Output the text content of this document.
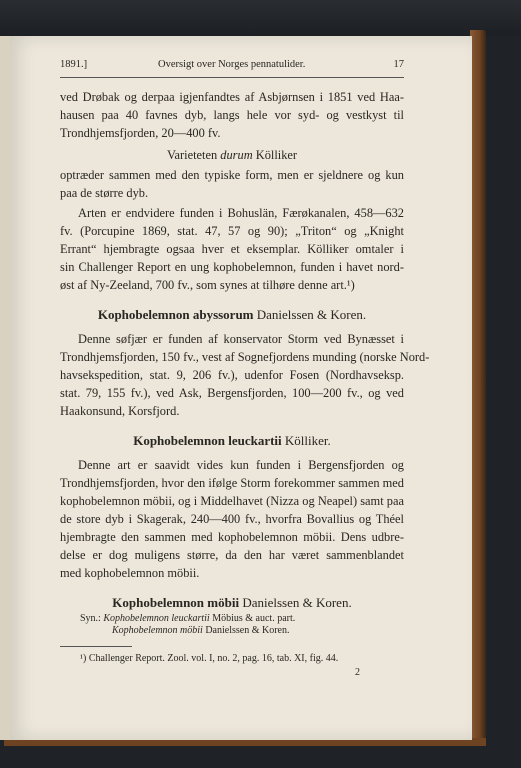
1891.]	Oversigt over Norges pennatulider.	17
ved Drøbak og derpaa igjenfandtes af Asbjørnsen i 1851 ved Haa-
hausen paa 40 favnes dyb, langs hele vor syd- og vestkyst til
Trondhjemsfjorden, 20—400 fv.
Varieteten durum Kölliker
optræder sammen med den typiske form, men er sjeldnere og kun
paa de større dyb.
Arten er endvidere funden i Bohuslän, Færøkanalen, 458—632
fv. (Porcupine 1869, stat. 47, 57 og 90); „Triton“ og „Knight
Errant“ hjembragte ogsaa hver et eksemplar. Kölliker omtaler i
sin Challenger Report en ung kophobelemnon, funden i havet nord-
øst af Ny-Zeeland, 700 fv., som synes at tilhøre denne art.¹)
Kophobelemnon abyssorum Danielssen & Koren.
Denne søfjær er funden af konservator Storm ved Bynæsset i
Trondhjemsfjorden, 150 fv., vest af Sognefjordens munding (norske Nord-
havsekspedition, stat. 9, 206 fv.), udenfor Fosen (Nordhavseksp.
stat. 79, 155 fv.), ved Ask, Bergensfjorden, 100—200 fv., og ved
Haakonsund, Korsfjord.
Kophobelemnon leuckartii Kölliker.
Denne art er saavidt vides kun funden i Bergensfjorden og
Trondhjemsfjorden, hvor den ifølge Storm forekommer sammen med
kophobelemnon möbii, og i Middelhavet (Nizza og Neapel) samt paa
de store dyb i Skagerak, 240—400 fv., hvorfra Bovallius og Théel
hjembragte den sammen med kophobelemnon möbii. Dens udbre-
delse er dog muligens større, da den har været sammenblandet
med kophobelemnon möbii.
Kophobelemnon möbii Danielssen & Koren.
Syn.: Kophobelemnon leuckartii Möbius & auct. part.
Kophobelemnon möbii Danielssen & Koren.
¹) Challenger Report. Zool. vol. I, no. 2, pag. 16, tab. XI, fig. 44.
2
